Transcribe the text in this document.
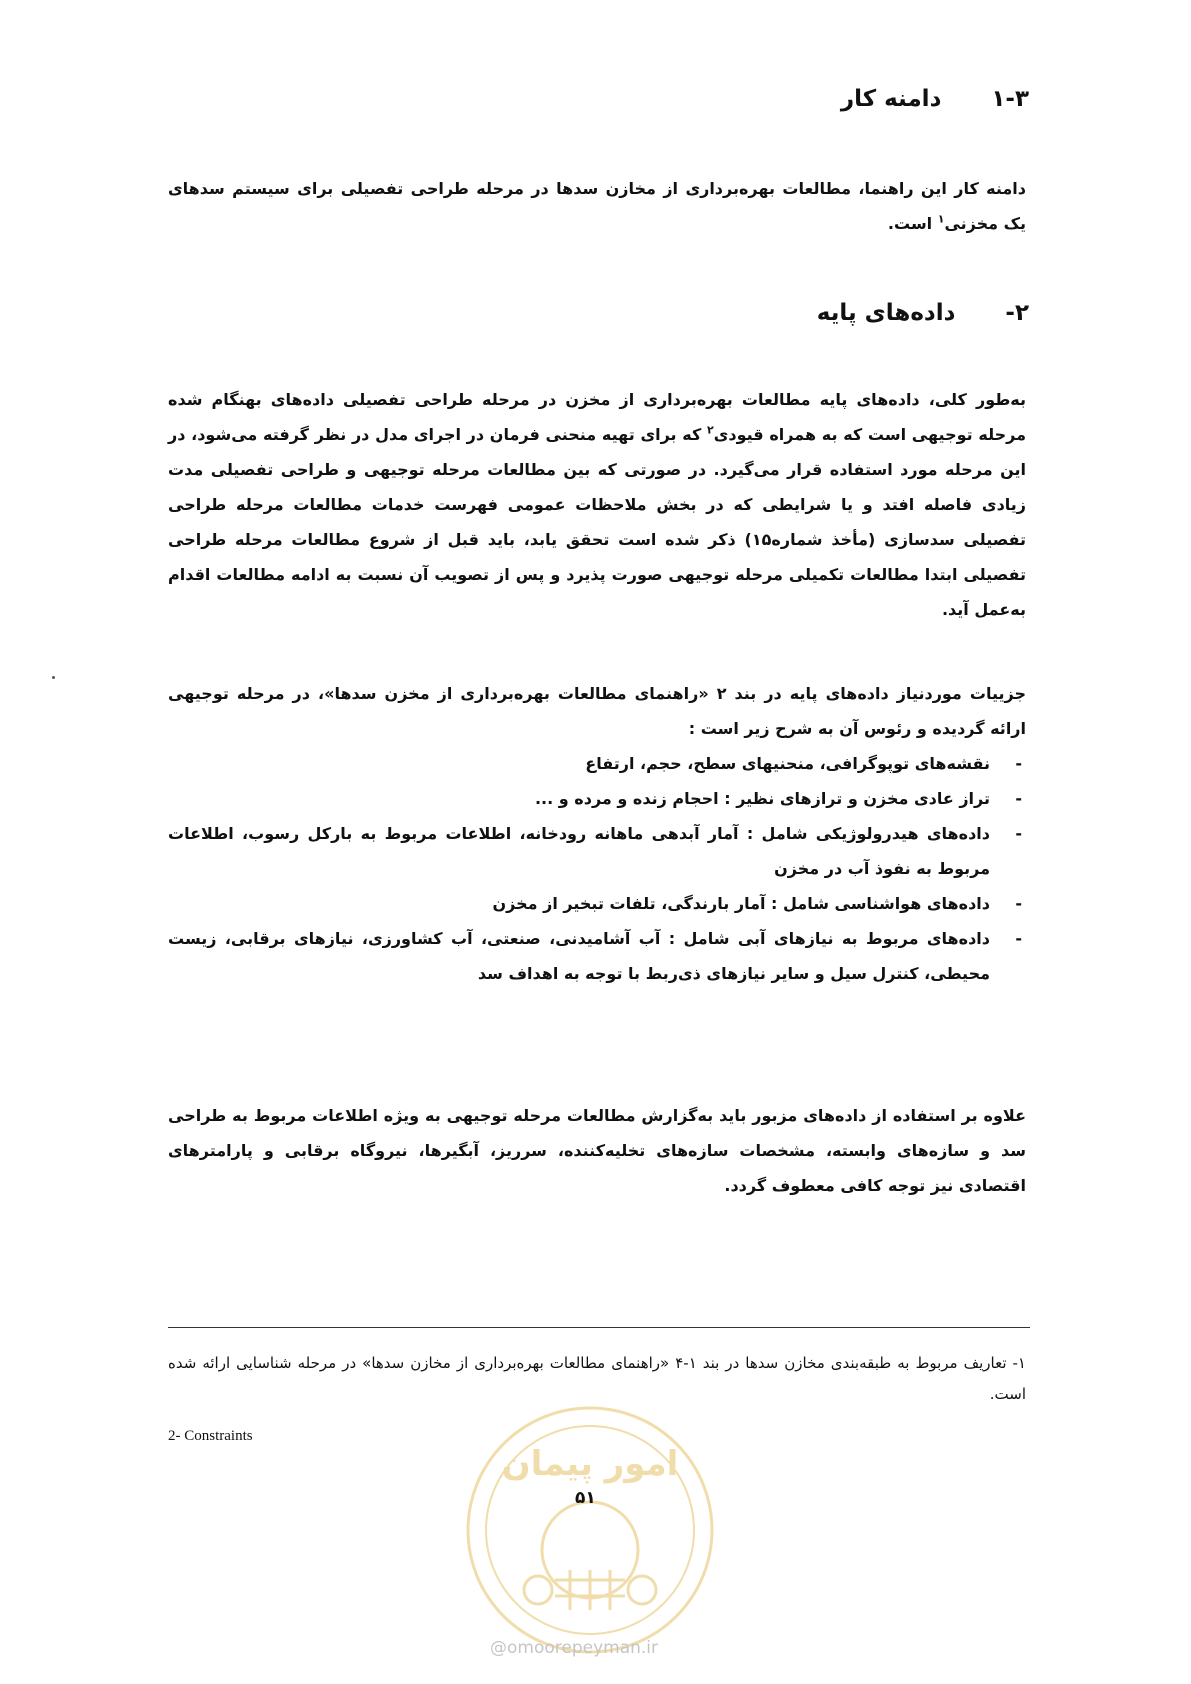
۱-۳دامنه کار
دامنه کار این راهنما، مطالعات بهره‌برداری از مخازن سدها در مرحله طراحی تفصیلی برای سیستم سدهای یک مخزنی$^۱$ است.
۲-داده‌های پایه
به‌طور کلی، داده‌های پایه مطالعات بهره‌برداری از مخزن در مرحله طراحی تفصیلی داده‌های بهنگام شده مرحله توجیهی است که به همراه قیودی$^۲$ که برای تهیه منحنی فرمان در اجرای مدل در نظر گرفته می‌شود، در این مرحله مورد استفاده قرار می‌گیرد. در صورتی که بین مطالعات مرحله توجیهی و طراحی تفصیلی مدت زیادی فاصله افتد و یا شرایطی که در بخش ملاحظات عمومی فهرست خدمات مطالعات مرحله طراحی تفصیلی سدسازی (مأخذ شماره۱۵) ذکر شده است تحقق یابد، باید قبل از شروع مطالعات مرحله طراحی تفصیلی ابتدا مطالعات تکمیلی مرحله توجیهی صورت پذیرد و پس از تصویب آن نسبت به ادامه مطالعات اقدام به‌عمل آید.
جزییات موردنیاز داده‌های پایه در بند ۲ «راهنمای مطالعات بهره‌برداری از مخزن سدها»، در مرحله توجیهی ارائه گردیده و رئوس آن به شرح زیر است :
-
نقشه‌های توپوگرافی، منحنیهای سطح، حجم، ارتفاع
-
تراز عادی مخزن و ترازهای نظیر : احجام زنده و مرده و ...
-
داده‌های هیدرولوژیکی شامل : آمار آبدهی ماهانه رودخانه، اطلاعات مربوط به بارکل رسوب، اطلاعات مربوط به نفوذ آب در مخزن
-
داده‌های هواشناسی شامل : آمار بارندگی، تلفات تبخیر از مخزن
-
داده‌های مربوط به نیازهای آبی شامل : آب آشامیدنی، صنعتی، آب کشاورزی، نیازهای برقابی، زیست محیطی، کنترل سیل و سایر نیازهای ذی‌ربط با توجه به اهداف سد
علاوه بر استفاده از داده‌های مزبور باید به‌گزارش مطالعات مرحله توجیهی به ویژه اطلاعات مربوط به طراحی سد و سازه‌های وابسته، مشخصات سازه‌های تخلیه‌کننده، سرریز، آبگیرها، نیروگاه برقابی و پارامترهای اقتصادی نیز توجه کافی معطوف گردد.
۱- تعاریف مربوط به طبقه‌بندی مخازن سدها در بند ۱-۴ «راهنمای مطالعات بهره‌برداری از مخازن سدها» در مرحله شناسایی ارائه شده است.
2- Constraints
امور پیمان
۵۱
@omoorepeyman.ir
